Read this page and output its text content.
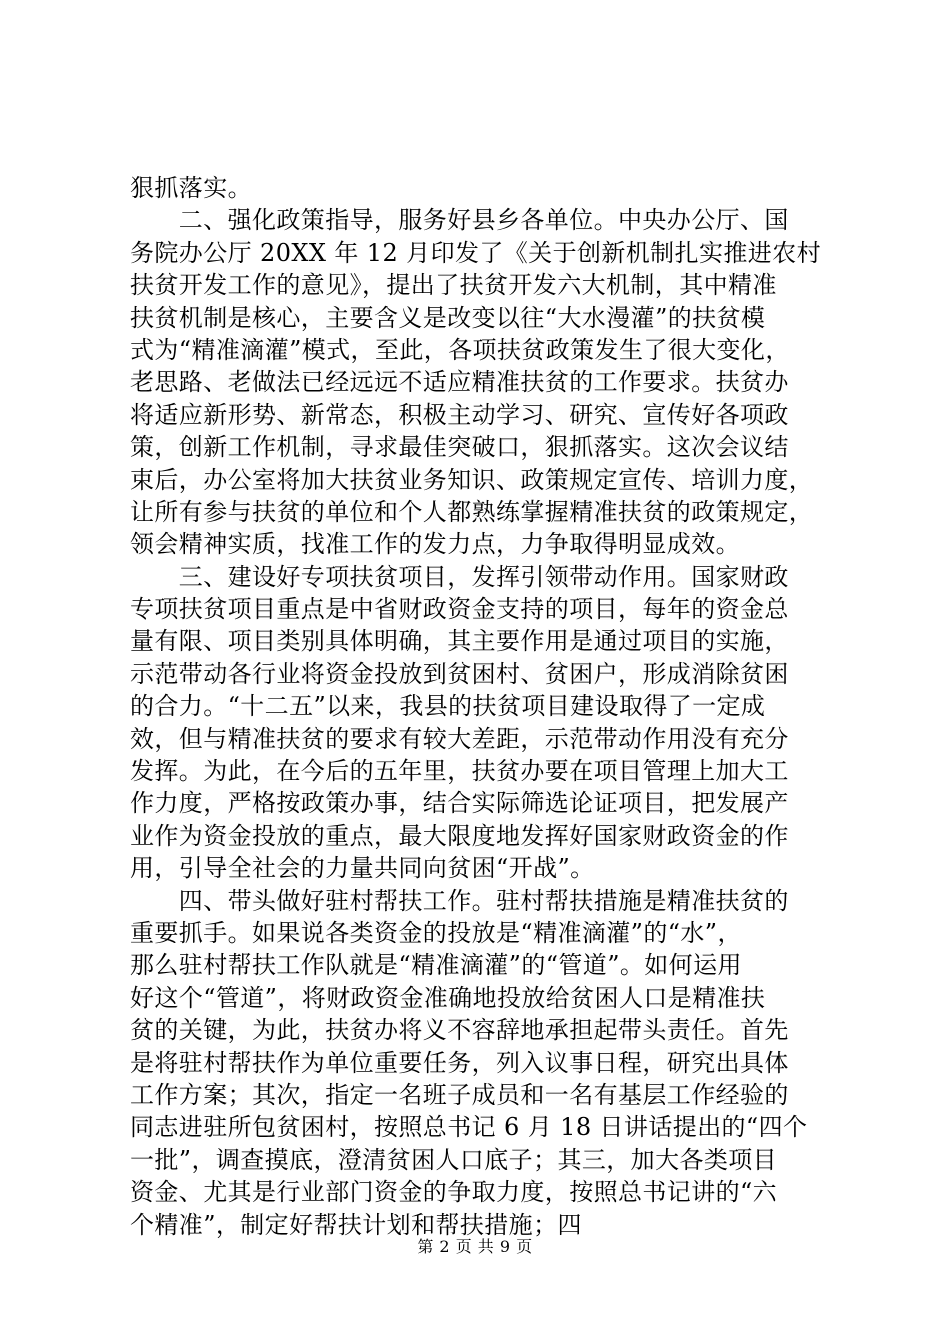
狠抓落实。
　　二、强化政策指导，服务好县乡各单位。中央办公厅、国
务院办公厅 20XX 年 12 月印发了《关于创新机制扎实推进农村
扶贫开发工作的意见》，提出了扶贫开发六大机制，其中精准
扶贫机制是核心，主要含义是改变以往“大水漫灌”的扶贫模
式为“精准滴灌”模式，至此，各项扶贫政策发生了很大变化，
老思路、老做法已经远远不适应精准扶贫的工作要求。扶贫办
将适应新形势、新常态，积极主动学习、研究、宣传好各项政
策，创新工作机制，寻求最佳突破口，狠抓落实。这次会议结
束后，办公室将加大扶贫业务知识、政策规定宣传、培训力度，
让所有参与扶贫的单位和个人都熟练掌握精准扶贫的政策规定，
领会精神实质，找准工作的发力点，力争取得明显成效。
　　三、建设好专项扶贫项目，发挥引领带动作用。国家财政
专项扶贫项目重点是中省财政资金支持的项目，每年的资金总
量有限、项目类别具体明确，其主要作用是通过项目的实施，
示范带动各行业将资金投放到贫困村、贫困户，形成消除贫困
的合力。“十二五”以来，我县的扶贫项目建设取得了一定成
效，但与精准扶贫的要求有较大差距，示范带动作用没有充分
发挥。为此，在今后的五年里，扶贫办要在项目管理上加大工
作力度，严格按政策办事，结合实际筛选论证项目，把发展产
业作为资金投放的重点，最大限度地发挥好国家财政资金的作
用，引导全社会的力量共同向贫困“开战”。
　　四、带头做好驻村帮扶工作。驻村帮扶措施是精准扶贫的
重要抓手。如果说各类资金的投放是“精准滴灌”的“水”，
那么驻村帮扶工作队就是“精准滴灌”的“管道”。如何运用
好这个“管道”，将财政资金准确地投放给贫困人口是精准扶
贫的关键，为此，扶贫办将义不容辞地承担起带头责任。首先
是将驻村帮扶作为单位重要任务，列入议事日程，研究出具体
工作方案；其次，指定一名班子成员和一名有基层工作经验的
同志进驻所包贫困村，按照总书记 6 月 18 日讲话提出的“四个
一批”，调查摸底，澄清贫困人口底子；其三，加大各类项目
资金、尤其是行业部门资金的争取力度，按照总书记讲的“六
个精准”，制定好帮扶计划和帮扶措施；四
第 2 页 共 9 页
